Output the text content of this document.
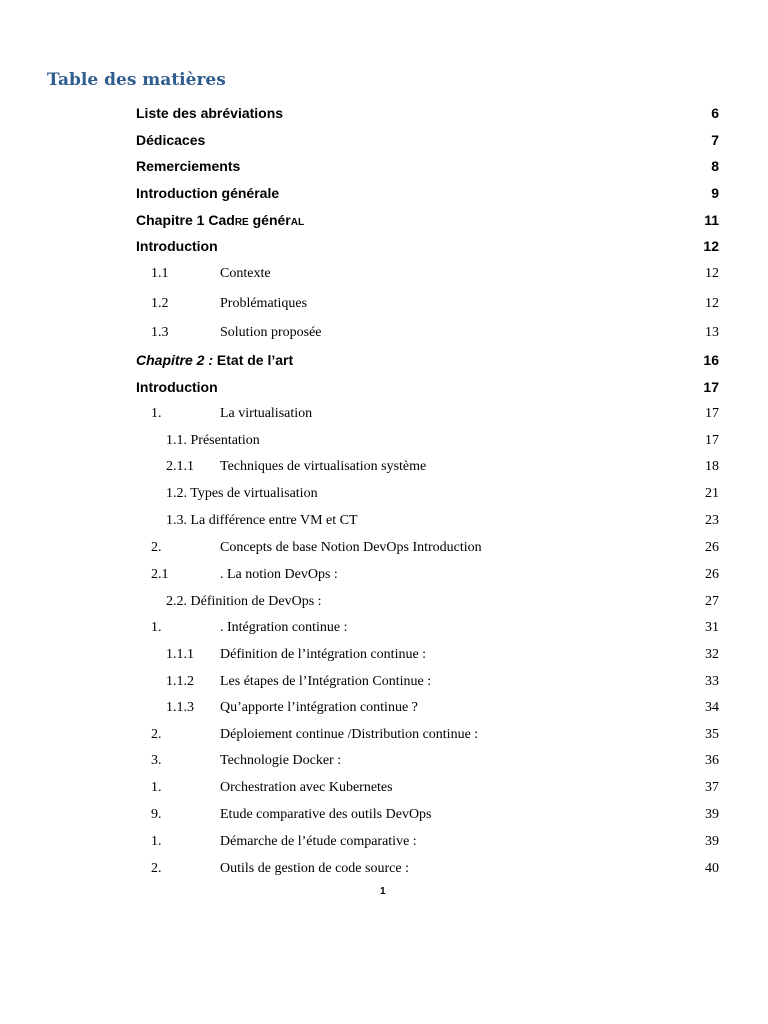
Table des matières
Liste des abréviations	6
Dédicaces	7
Remerciements	8
Introduction générale	9
Chapitre 1 Cadre général	11
Introduction	12
1.1	Contexte	12
1.2	Problématiques	12
1.3	Solution proposée	13
Chapitre 2 : Etat de l’art	16
Introduction	17
1.	La virtualisation	17
1.1. Présentation	17
2.1.1 Techniques de virtualisation système	18
1.2. Types de virtualisation	21
1.3. La différence entre VM et CT	23
2.	Concepts de base Notion DevOps Introduction	26
2.1	. La notion DevOps :	26
2.2. Définition de DevOps :	27
1.	. Intégration continue :	31
1.1.1 Définition de l’intégration continue :	32
1.1.2 Les étapes de l’Intégration Continue :	33
1.1.3 Qu’apporte l’intégration continue ?	34
2.	Déploiement continue /Distribution continue :	35
3.	Technologie Docker :	36
1.	Orchestration avec Kubernetes	37
9.	Etude comparative des outils DevOps	39
1.	Démarche de l’étude comparative :	39
2.	Outils de gestion de code source :	40
1
